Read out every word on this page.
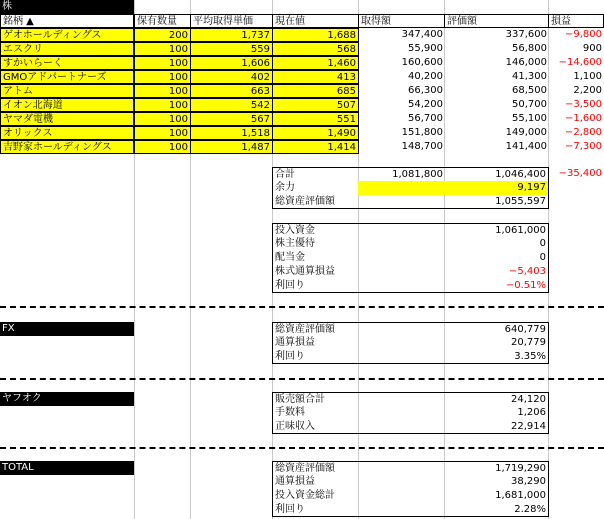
株
銘柄 ▲	保有数量	平均取得単価	現在値	取得額	評価額	損益
ゲオホールディングス	200	1,737	1,688	347,400	337,600	−9,800
エスクリ	100	559	568	55,900	56,800	900
すかいらーく	100	1,606	1,460	160,600	146,000	−14,600
GMOアドパートナーズ	100	402	413	40,200	41,300	1,100
アトム	100	663	685	66,300	68,500	2,200
イオン北海道	100	542	507	54,200	50,700	−3,500
ヤマダ電機	100	567	551	56,700	55,100	−1,600
オリックス	100	1,518	1,490	151,800	149,000	−2,800
吉野家ホールディングス	100	1,487	1,414	148,700	141,400	−7,300
合計	1,081,800	1,046,400	−35,400
余力	9,197
総資産評価額	1,055,597
投入資金	1,061,000
株主優待	0
配当金	0
株式通算損益	−5,403
利回り	−0.51%
FX	総資産評価額	640,779
通算損益	20,779
利回り	3.35%
ヤフオク	販売額合計	24,120
手数料	1,206
正味収入	22,914
TOTAL	総資産評価額	1,719,290
通算損益	38,290
投入資金総計	1,681,000
利回り	2.28%
